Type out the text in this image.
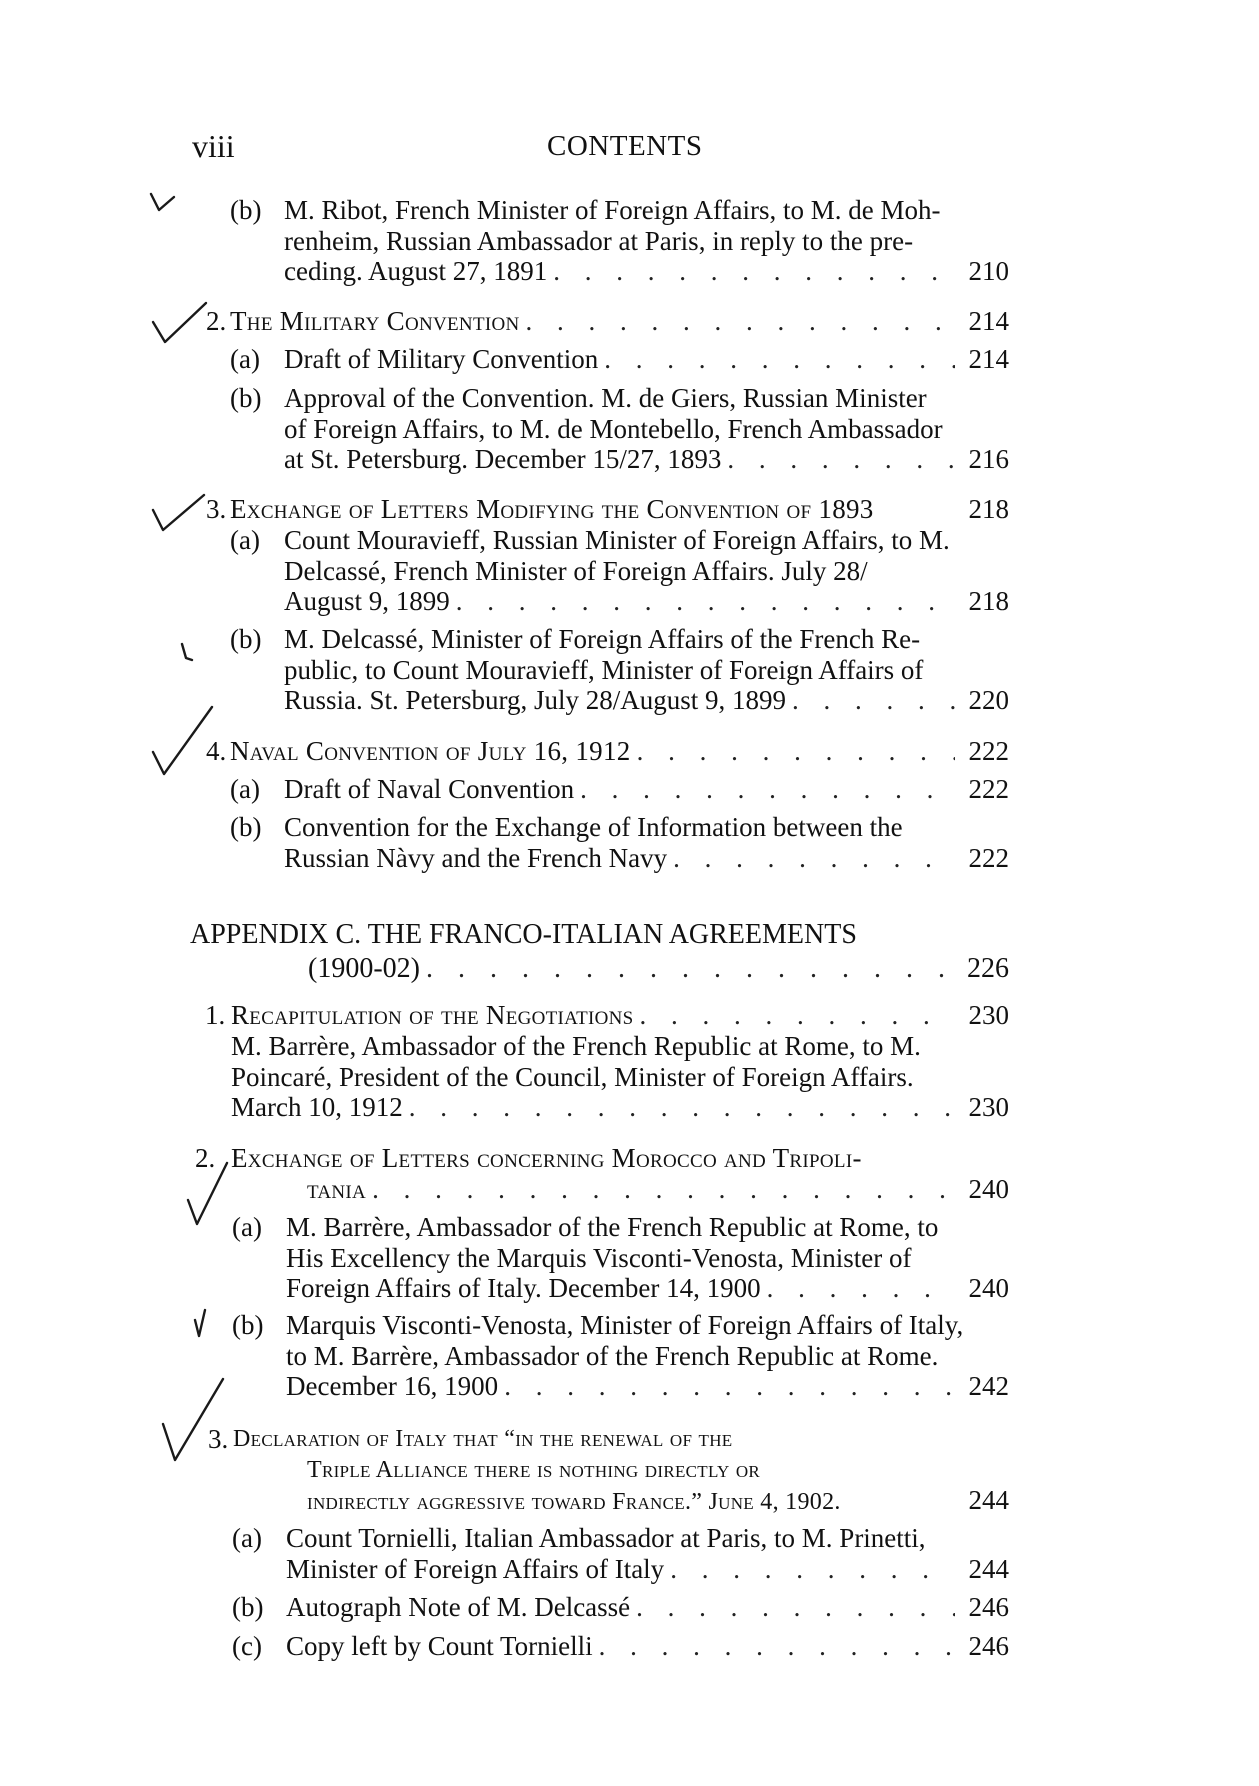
viii	CONTENTS
(b) M. Ribot, French Minister of Foreign Affairs, to M. de Moh-
renheim, Russian Ambassador at Paris, in reply to the pre-
ceding. August 27, 1891 . . .	210
2. The Military Convention . . .	214
(a) Draft of Military Convention . . .	214
(b) Approval of the Convention. M. de Giers, Russian Minister
of Foreign Affairs, to M. de Montebello, French Ambassador
at St. Petersburg. December 15/27, 1893 . . .	216
3. Exchange of Letters Modifying the Convention of 1893	218
(a) Count Mouravieff, Russian Minister of Foreign Affairs, to M.
Delcassé, French Minister of Foreign Affairs. July 28/
August 9, 1899 . . .	218
(b) M. Delcassé, Minister of Foreign Affairs of the French Re-
public, to Count Mouravieff, Minister of Foreign Affairs of
Russia. St. Petersburg, July 28/August 9, 1899 . . .	220
4. Naval Convention of July 16, 1912 . . .	222
(a) Draft of Naval Convention . . .	222
(b) Convention for the Exchange of Information between the
Russian Nàvy and the French Navy . . .	222
APPENDIX C. THE FRANCO-ITALIAN AGREEMENTS
(1900-02) . . .	226
1. Recapitulation of the Negotiations . . .	230
M. Barrère, Ambassador of the French Republic at Rome, to M.
Poincaré, President of the Council, Minister of Foreign Affairs.
March 10, 1912 . . .	230
2. Exchange of Letters concerning Morocco and Tripoli-
tania . . .	240
(a) M. Barrère, Ambassador of the French Republic at Rome, to
His Excellency the Marquis Visconti-Venosta, Minister of
Foreign Affairs of Italy. December 14, 1900 . . .	240
(b) Marquis Visconti-Venosta, Minister of Foreign Affairs of Italy,
to M. Barrère, Ambassador of the French Republic at Rome.
December 16, 1900 . . .	242
3. Declaration of Italy that “in the renewal of the
Triple Alliance there is nothing directly or
indirectly aggressive toward France.” June 4, 1902.	244
(a) Count Tornielli, Italian Ambassador at Paris, to M. Prinetti,
Minister of Foreign Affairs of Italy . . .	244
(b) Autograph Note of M. Delcassé . . .	246
(c) Copy left by Count Tornielli . . .	246
